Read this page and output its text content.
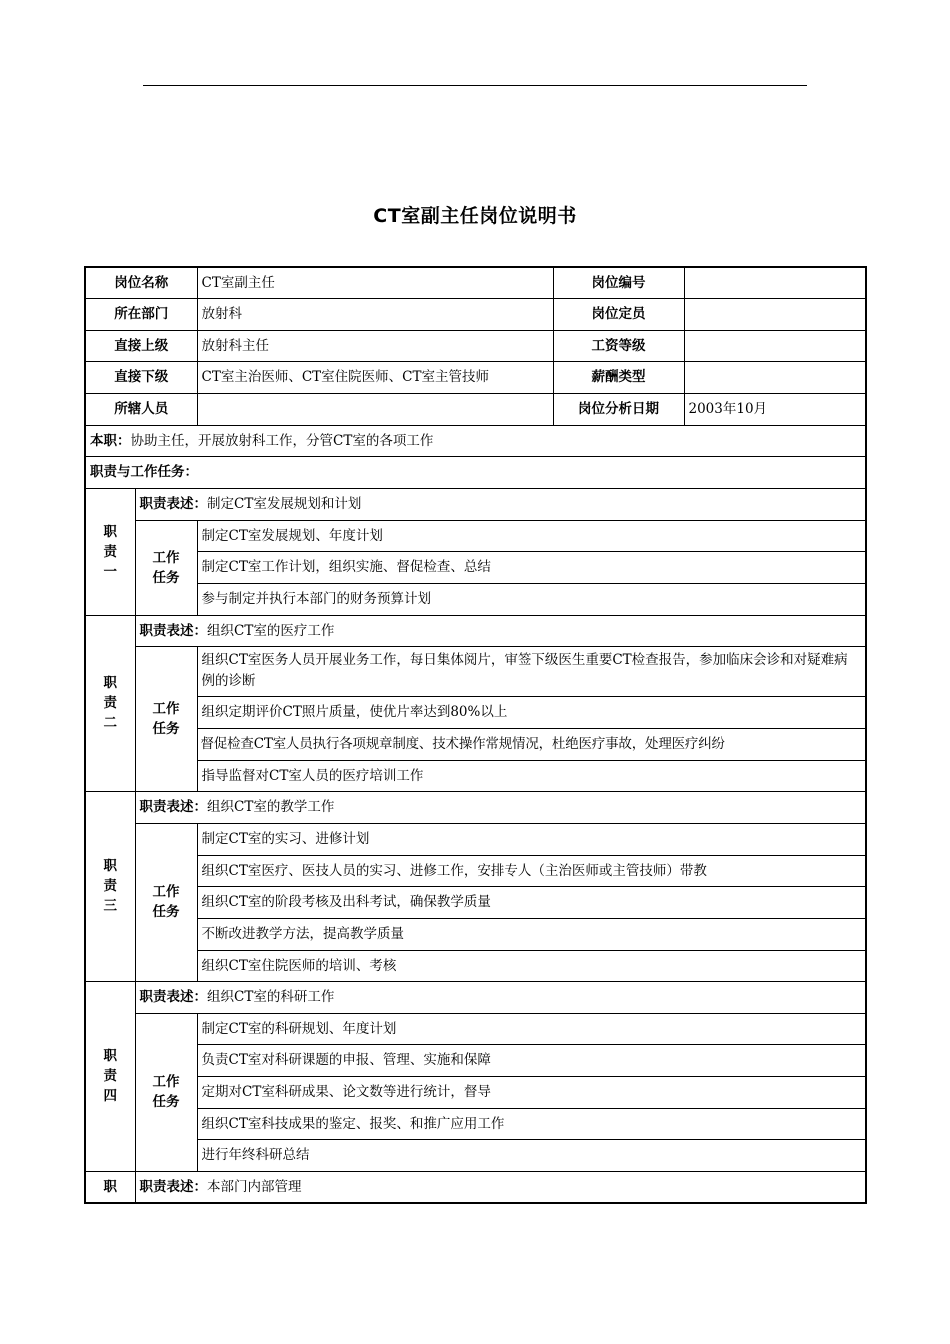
CT室副主任岗位说明书
岗位名称		CT室副主任	岗位编号	
所在部门		放射科	岗位定员	
直接上级		放射科主任	工资等级	
直接下级		CT室主治医师、CT室住院医师、CT室主管技师	薪酬类型	
所辖人员			岗位分析日期	2003年10月
本职：协助主任，开展放射科工作，分管CT室的各项工作				
职责与工作任务：				

职
责
一	职责表述：制定CT室发展规划和计划			

	工作
任务	制定CT室发展规划、年度计划		
		制定CT室工作计划，组织实施、督促检查、总结		
		参与制定并执行本部门的财务预算计划		

职
责
二	职责表述：组织CT室的医疗工作			

	工作
任务	组织CT室医务人员开展业务工作，每日集体阅片，审签下级医生重要CT检查报告，参加临床会诊和对疑难病例的诊断		
		组织定期评价CT照片质量，使优片率达到80%以上		
		督促检查CT室人员执行各项规章制度、技术操作常规情况，杜绝医疗事故，处理医疗纠纷		
		指导监督对CT室人员的医疗培训工作		

职
责
三	职责表述：组织CT室的教学工作			

	工作
任务	制定CT室的实习、进修计划		
		组织CT室医疗、医技人员的实习、进修工作，安排专人（主治医师或主管技师）带教		
		组织CT室的阶段考核及出科考试，确保教学质量		
		不断改进教学方法，提高教学质量		
		组织CT室住院医师的培训、考核		

职
责
四	职责表述：组织CT室的科研工作			

	工作
任务	制定CT室的科研规划、年度计划		
		负责CT室对科研课题的申报、管理、实施和保障		
		定期对CT室科研成果、论文数等进行统计，督导		
		组织CT室科技成果的鉴定、报奖、和推广应用工作		
		进行年终科研总结		

职	职责表述：本部门内部管理			
